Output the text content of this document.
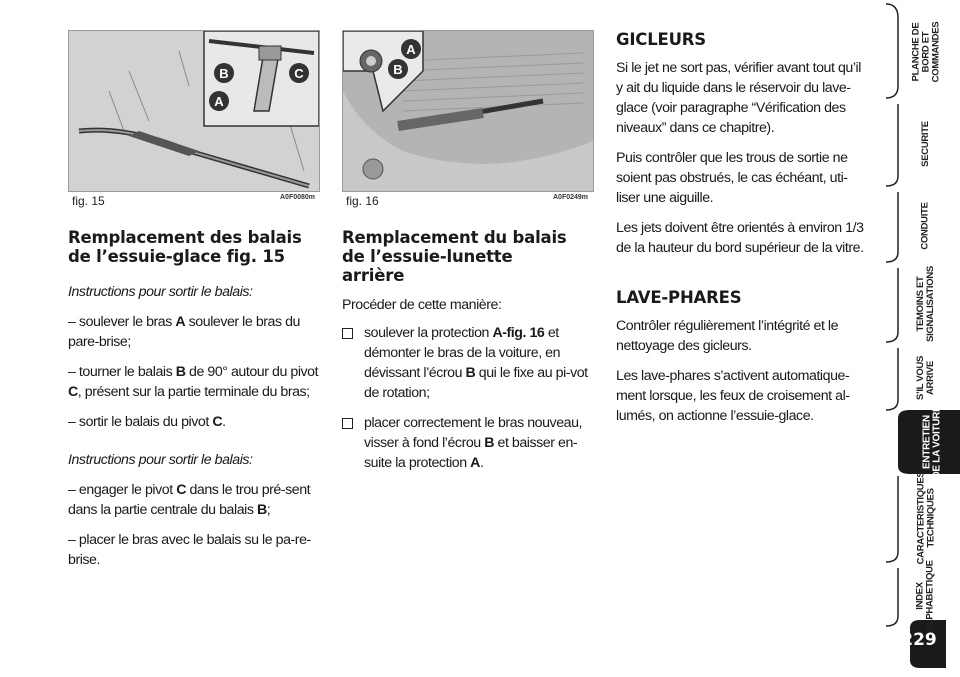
B
A
C
fig. 15	A0F0080m
A
B
fig. 16	A0F0249m
Remplacement des balais de l’essuie-glace fig. 15

Instructions pour sortir le balais:

– soulever le bras A soulever le bras du pare-brise;

– tourner le balais B de 90° autour du pivot C, présent sur la partie terminale du bras;

– sortir le balais du pivot C.

Instructions pour sortir le balais:

– engager le pivot C dans le trou pré-sent dans la partie centrale du balais B;

– placer le bras avec le balais su le pa-re-brise.

Remplacement du balais de l’essuie-lunette arrière

Procéder de cette manière:

soulever la protection A-fig. 16 et démonter le bras de la voiture, en dévissant l’écrou B qui le fixe au pi-vot de rotation;

placer correctement le bras nouveau, visser à fond l’écrou B et baisser en-suite la protection A.

GICLEURS

Si le jet ne sort pas, vérifier avant tout qu’il y ait du liquide dans le réservoir du lave-glace (voir paragraphe “Vérification des niveaux” dans ce chapitre).

Puis contrôler que les trous de sortie ne soient pas obstrués, le cas échéant, uti-liser une aiguille.

Les jets doivent être orientés à environ 1/3 de la hauteur du bord supérieur de la vitre.

LAVE-PHARES

Contrôler régulièrement l’intégrité et le nettoyage des gicleurs.

Les lave-phares s’activent automatique-ment lorsque, les feux de croisement al-lumés, on actionne l’essuie-glace.

PLANCHE DE BORD ET COMMANDES
SECURITE
CONDUITE
TEMOINS ET SIGNALISATIONS
S’IL VOUS ARRIVE
ENTRETIEN DE LA VOITURE
CARACTERISTIQUES TECHNIQUES
INDEX ALPHABETIQUE
229
